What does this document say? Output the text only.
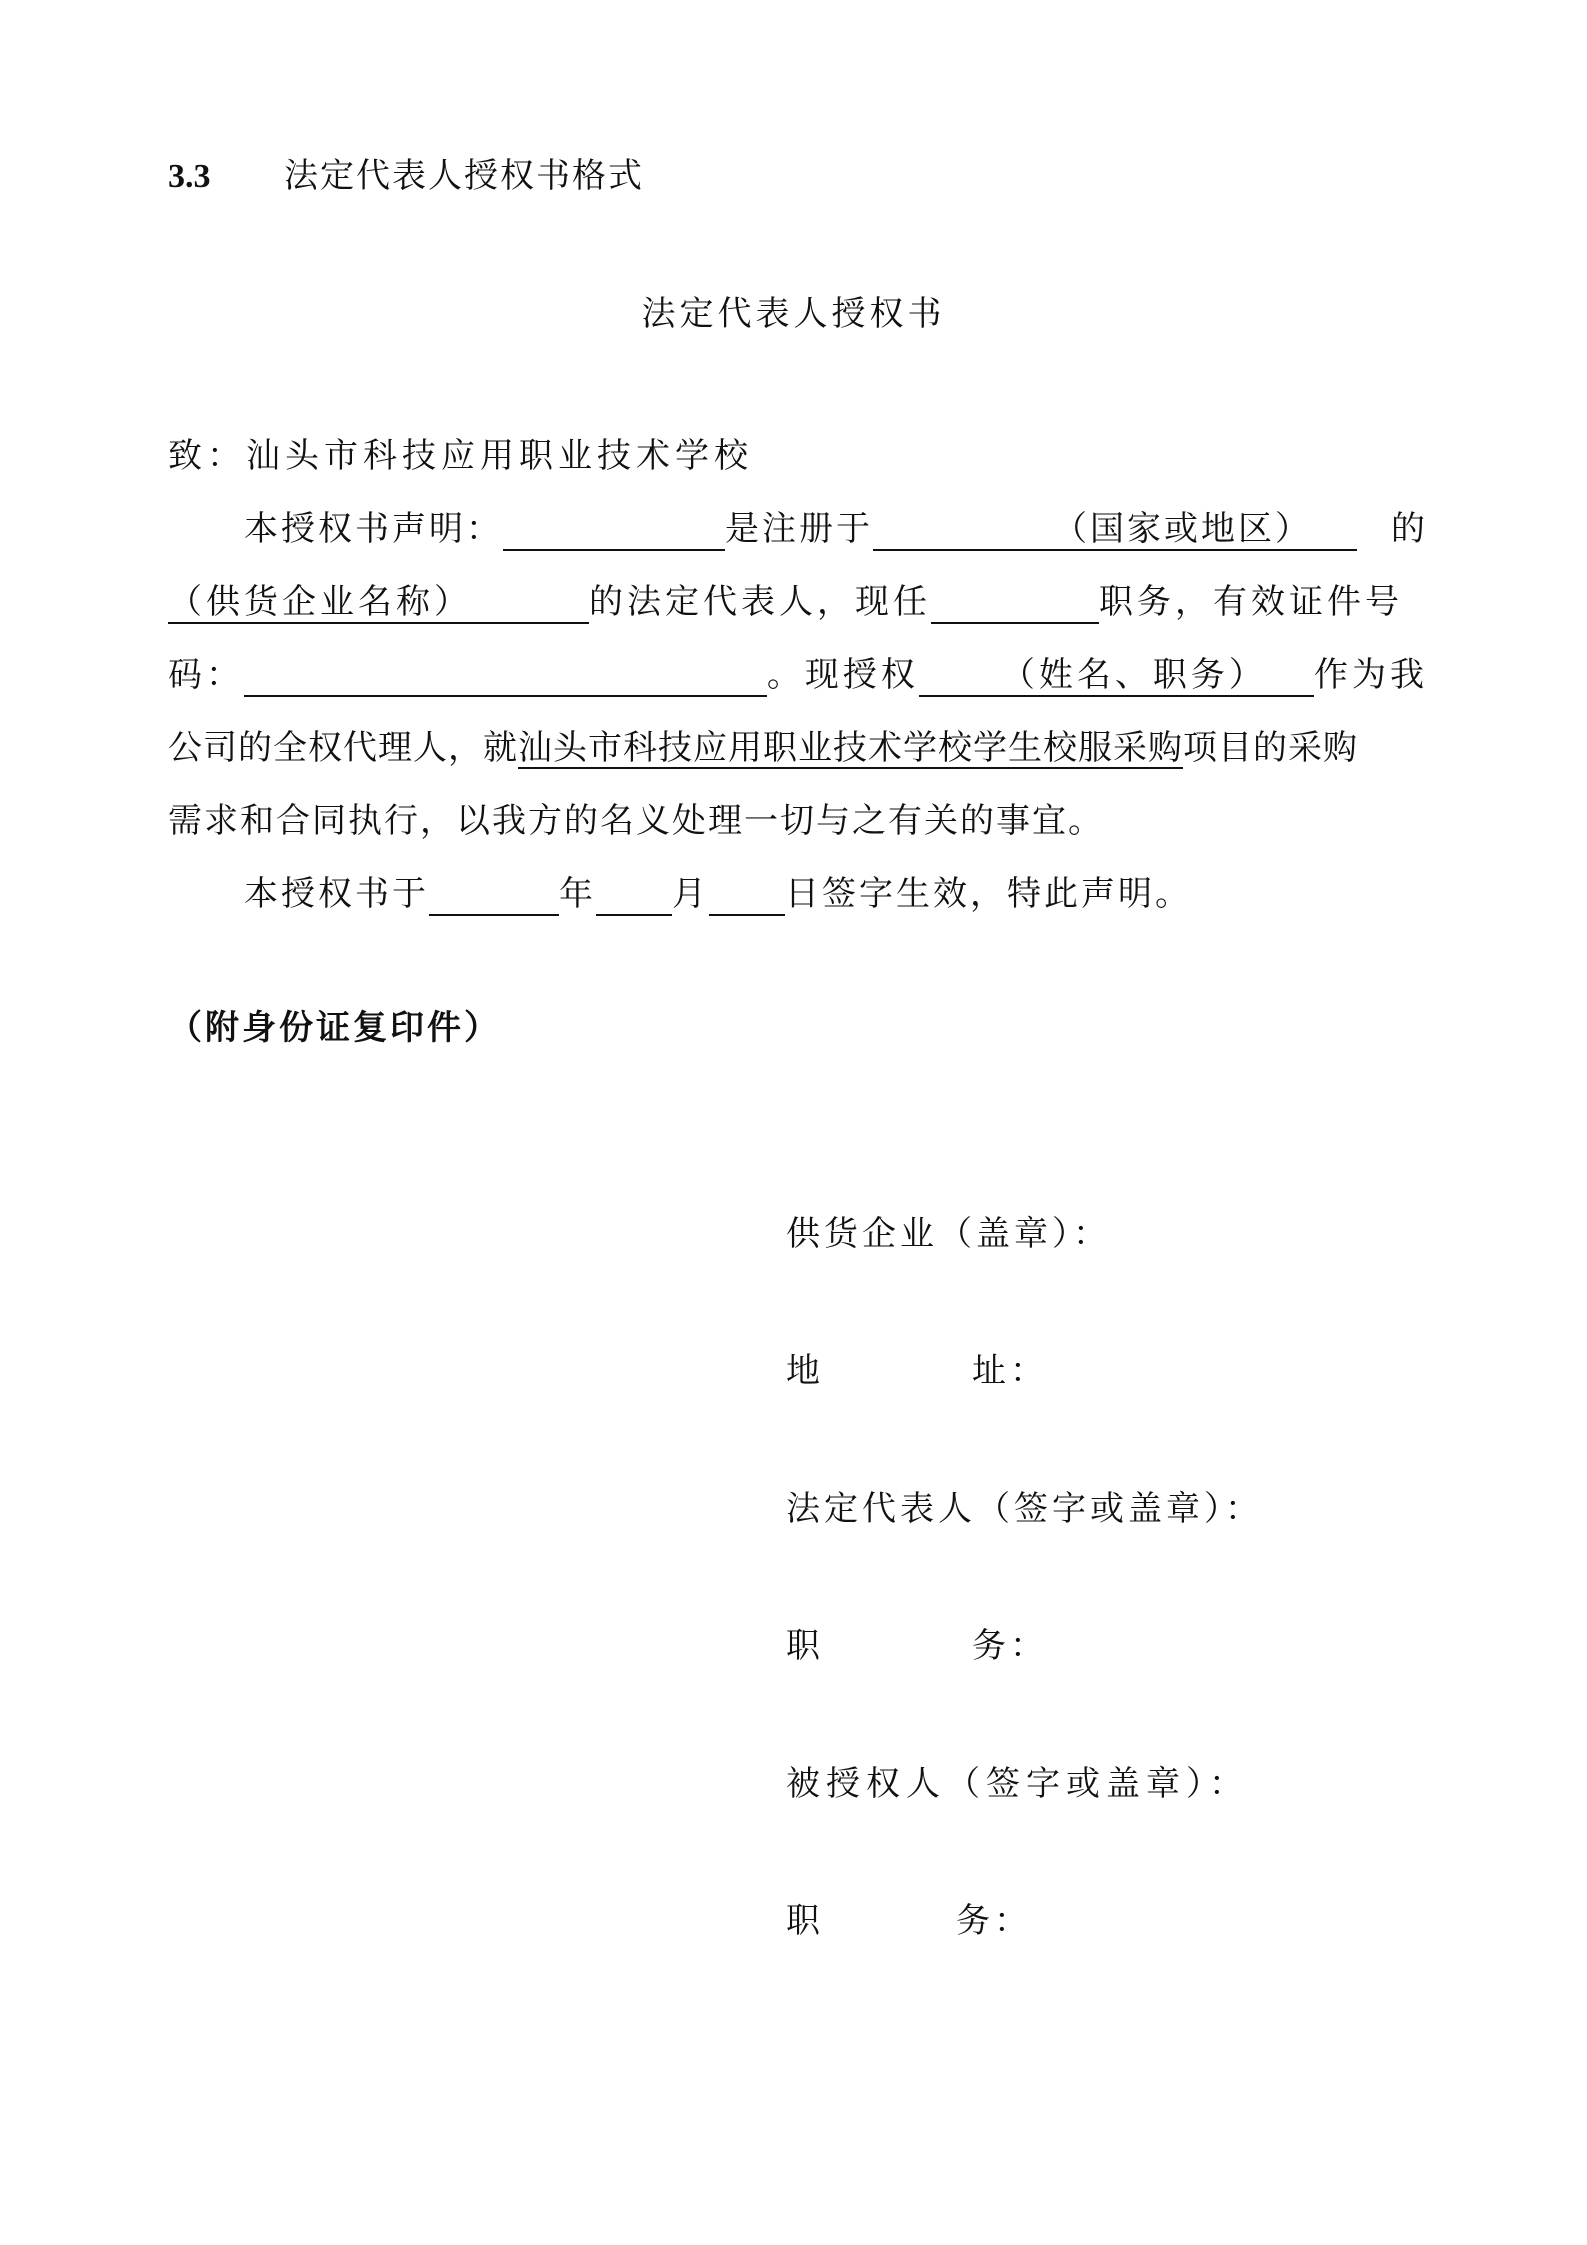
3.3 法定代表人授权书格式
法定代表人授权书
致：汕头市科技应用职业技术学校
本授权书声明：	是注册于	（国家或地区）	的
（供货企业名称）	的法定代表人，现任	职务，有效证件号
码：	。现授权	（姓名、职务）	作为我
公司的全权代理人，就 汕头市科技应用职业技术学校学生校服采购 项目的采购
需求和合同执行，以我方的名义处理一切与之有关的事宜。
本授权书于	年 月 日签字生效，特此声明。
（附身份证复印件）
供货企业（盖章）：
地	址：
法定代表人（签字或盖章）：
职	务：
被授权人（签字或盖章）：
职	务：
